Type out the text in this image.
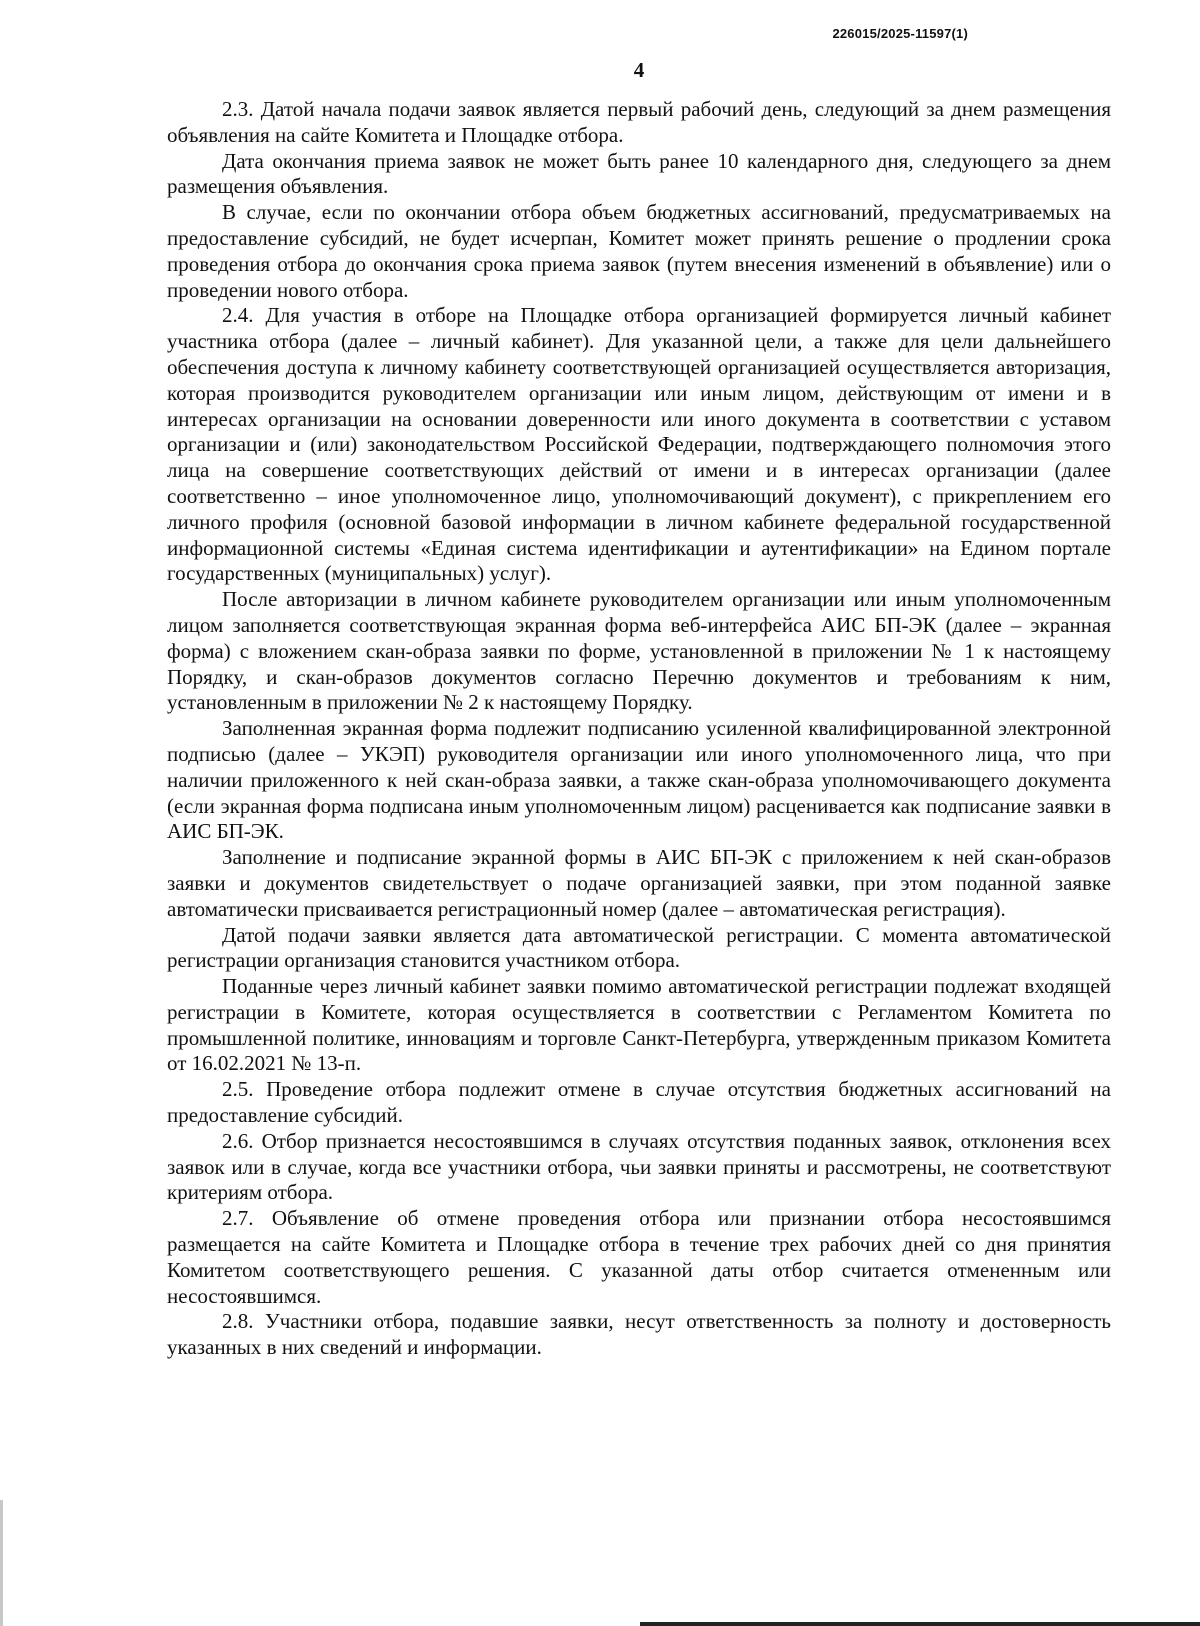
226015/2025-11597(1)
4

2.3. Датой начала подачи заявок является первый рабочий день, следующий за днем размещения объявления на сайте Комитета и Площадке отбора.

Дата окончания приема заявок не может быть ранее 10 календарного дня, следующего за днем размещения объявления.

В случае, если по окончании отбора объем бюджетных ассигнований, предусматриваемых на предоставление субсидий, не будет исчерпан, Комитет может принять решение о продлении срока проведения отбора до окончания срока приема заявок (путем внесения изменений в объявление) или о проведении нового отбора.

2.4. Для участия в отборе на Площадке отбора организацией формируется личный кабинет участника отбора (далее – личный кабинет). Для указанной цели, а также для цели дальнейшего обеспечения доступа к личному кабинету соответствующей организацией осуществляется авторизация, которая производится руководителем организации или иным лицом, действующим от имени и в интересах организации на основании доверенности или иного документа в соответствии с уставом организации и (или) законодательством Российской Федерации, подтверждающего полномочия этого лица на совершение соответствующих действий от имени и в интересах организации (далее соответственно – иное уполномоченное лицо, уполномочивающий документ), с прикреплением его личного профиля (основной базовой информации в личном кабинете федеральной государственной информационной системы «Единая система идентификации и аутентификации» на Едином портале государственных (муниципальных) услуг).

После авторизации в личном кабинете руководителем организации или иным уполномоченным лицом заполняется соответствующая экранная форма веб-интерфейса АИС БП-ЭК (далее – экранная форма) с вложением скан-образа заявки по форме, установленной в приложении № 1 к настоящему Порядку, и скан-образов документов согласно Перечню документов и требованиям к ним, установленным в приложении № 2 к настоящему Порядку.

Заполненная экранная форма подлежит подписанию усиленной квалифицированной электронной подписью (далее – УКЭП) руководителя организации или иного уполномоченного лица, что при наличии приложенного к ней скан-образа заявки, а также скан-образа уполномочивающего документа (если экранная форма подписана иным уполномоченным лицом) расценивается как подписание заявки в АИС БП-ЭК.

Заполнение и подписание экранной формы в АИС БП-ЭК с приложением к ней скан-образов заявки и документов свидетельствует о подаче организацией заявки, при этом поданной заявке автоматически присваивается регистрационный номер (далее – автоматическая регистрация).

Датой подачи заявки является дата автоматической регистрации. С момента автоматической регистрации организация становится участником отбора.

Поданные через личный кабинет заявки помимо автоматической регистрации подлежат входящей регистрации в Комитете, которая осуществляется в соответствии с Регламентом Комитета по промышленной политике, инновациям и торговле Санкт-Петербурга, утвержденным приказом Комитета от 16.02.2021 № 13-п.

2.5. Проведение отбора подлежит отмене в случае отсутствия бюджетных ассигнований на предоставление субсидий.

2.6. Отбор признается несостоявшимся в случаях отсутствия поданных заявок, отклонения всех заявок или в случае, когда все участники отбора, чьи заявки приняты и рассмотрены, не соответствуют критериям отбора.

2.7. Объявление об отмене проведения отбора или признании отбора несостоявшимся размещается на сайте Комитета и Площадке отбора в течение трех рабочих дней со дня принятия Комитетом соответствующего решения. С указанной даты отбор считается отмененным или несостоявшимся.

2.8. Участники отбора, подавшие заявки, несут ответственность за полноту и достоверность указанных в них сведений и информации.
